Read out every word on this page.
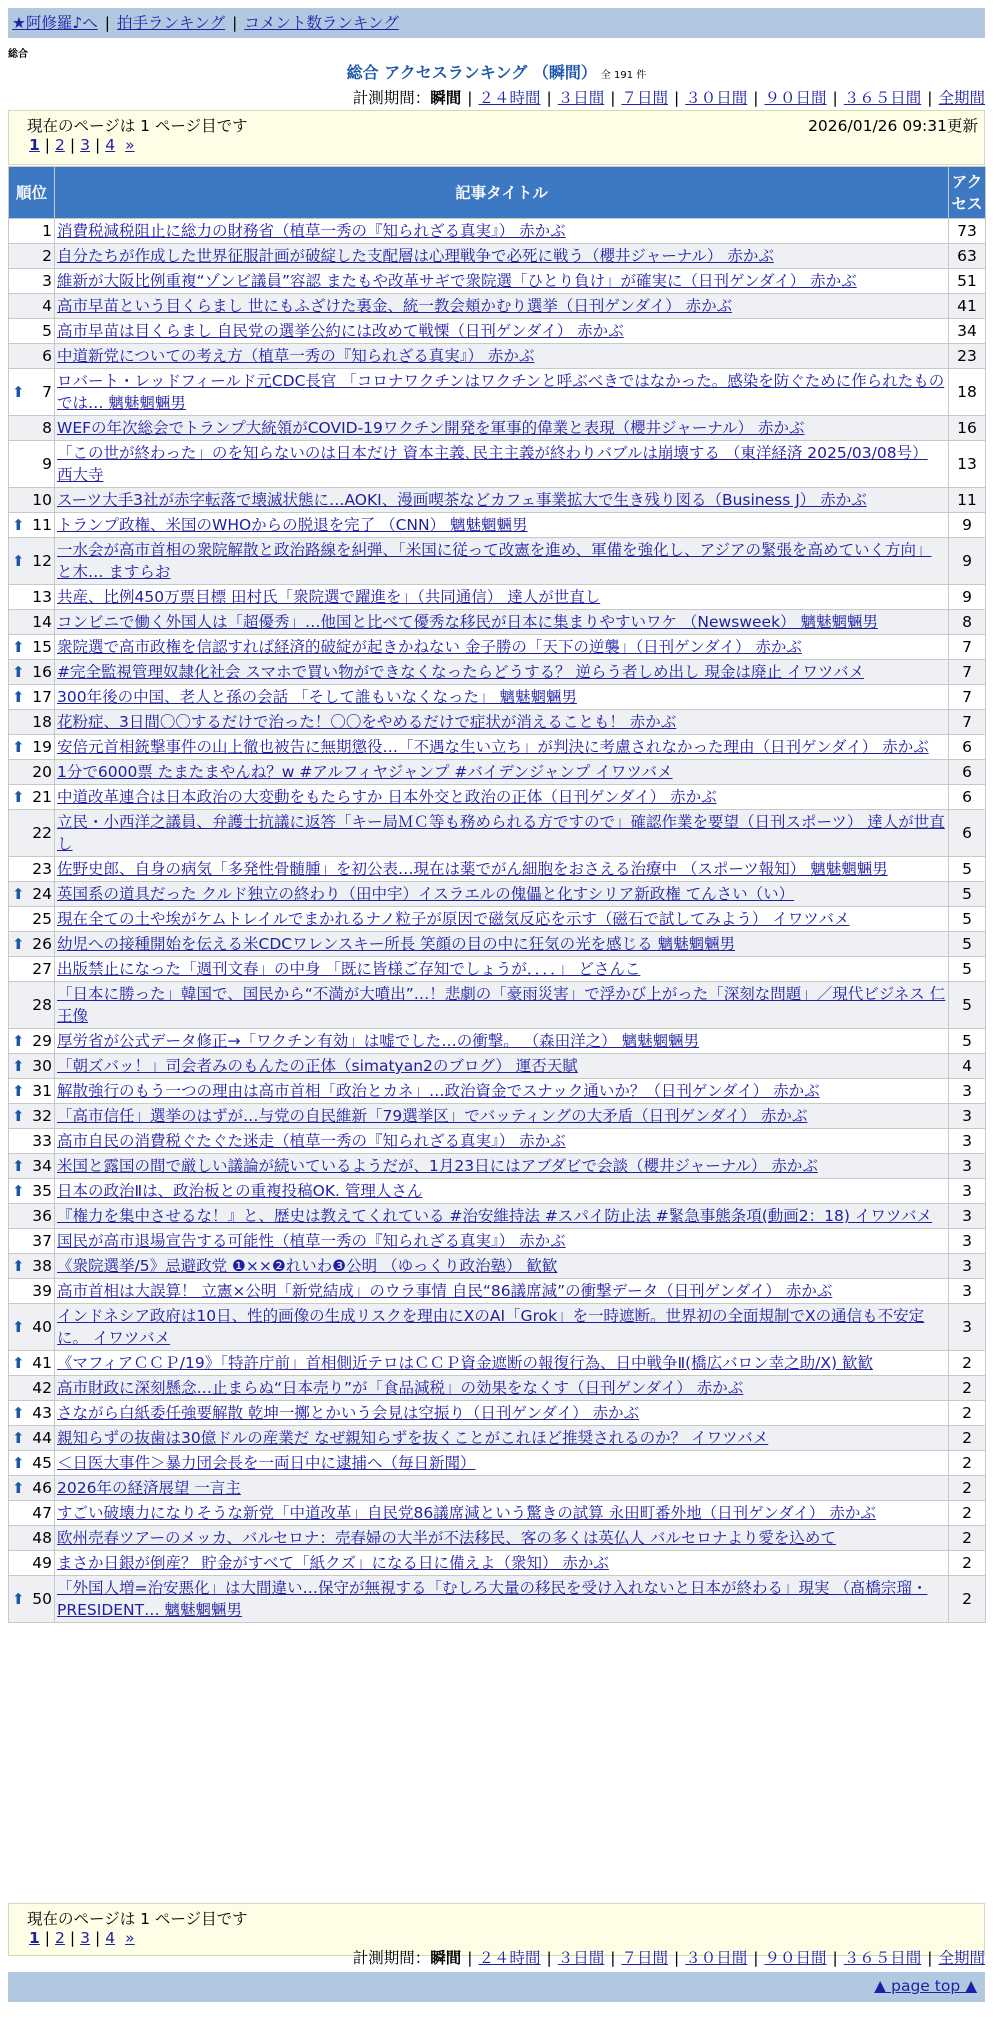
★阿修羅♪へ | 拍手ランキング | コメント数ランキング
総合
総合 アクセスランキング （瞬間） 全 191 件
計測期間：瞬間 | ２４時間 | ３日間 | ７日間 | ３０日間 | ９０日間 | ３６５日間 | 全期間
現在のページは 1 ページ目です	2026/01/26 09:31更新
1 | 2 | 3 | 4 »
順位	記事タイトル	アクセス
1	消費税減税阻止に総力の財務省（植草一秀の『知られざる真実』） 赤かぶ	73
2	自分たちが作成した世界征服計画が破綻した支配層は心理戦争で必死に戦う（櫻井ジャーナル） 赤かぶ	63
3	維新が大阪比例重複“ゾンビ議員”容認 またもや改革サギで衆院選「ひとり負け」が確実に（日刊ゲンダイ） 赤かぶ	51
4	高市早苗という目くらまし 世にもふざけた裏金、統一教会頬かむり選挙（日刊ゲンダイ） 赤かぶ	41
5	高市早苗は目くらまし 自民党の選挙公約には改めて戦慄（日刊ゲンダイ） 赤かぶ	34
6	中道新党についての考え方（植草一秀の『知られざる真実』） 赤かぶ	23

⬆ 7	ロバート・レッドフィールド元CDC長官 「コロナワクチンはワクチンと呼ぶべきではなかった。感染を防ぐために作られたものでは… 魑魅魍魎男	18
8	WEFの年次総会でトランプ大統領がCOVID-19ワクチン開発を軍事的偉業と表現（櫻井ジャーナル） 赤かぶ	16
9	「この世が終わった」のを知らないのは日本だけ 資本主義､民主主義が終わりバブルは崩壊する （東洋経済 2025/03/08号） 西大寺	13
10	スーツ大手3社が赤字転落で壊滅状態に…AOKI、漫画喫茶などカフェ事業拡大で生き残り図る（Business J） 赤かぶ	11

⬆ 11	トランプ政権、米国のWHOからの脱退を完了 （CNN） 魑魅魍魎男	9

⬆ 12	一水会が高市首相の衆院解散と政治路線を糾弾、「米国に従って改憲を進め、軍備を強化し、アジアの緊張を高めていく方向」と木… ますらお	9
13	共産、比例450万票目標 田村氏「衆院選で躍進を」（共同通信） 達人が世直し	9
14	コンビニで働く外国人は「超優秀」…他国と比べて優秀な移民が日本に集まりやすいワケ （Newsweek） 魑魅魍魎男	8

⬆ 15	衆院選で高市政権を信認すれば経済的破綻が起きかねない 金子勝の「天下の逆襲」（日刊ゲンダイ） 赤かぶ	7

⬆ 16	#完全監視管理奴隷化社会 スマホで買い物ができなくなったらどうする？ 逆らう者しめ出し 現金は廃止 イワツバメ	7

⬆ 17	300年後の中国、老人と孫の会話 「そして誰もいなくなった」 魑魅魍魎男	7
18	花粉症、3日間〇〇するだけで治った！〇〇をやめるだけで症状が消えることも！ 赤かぶ	7

⬆ 19	安倍元首相銃撃事件の山上徹也被告に無期懲役…「不遇な生い立ち」が判決に考慮されなかった理由（日刊ゲンダイ） 赤かぶ	6
20	1分で6000票 たまたまやんね？w #アルフィヤジャンプ #バイデンジャンプ イワツバメ	6

⬆ 21	中道改革連合は日本政治の大変動をもたらすか 日本外交と政治の正体（日刊ゲンダイ） 赤かぶ	6
22	立民・小西洋之議員、弁護士抗議に返答「キー局ＭＣ等も務められる方ですので」確認作業を要望（日刊スポーツ） 達人が世直し	6
23	佐野史郎、自身の病気「多発性骨髄腫」を初公表…現在は薬でがん細胞をおさえる治療中 （スポーツ報知） 魑魅魍魎男	5

⬆ 24	英国系の道具だった クルド独立の終わり（田中宇）イスラエルの傀儡と化すシリア新政権 てんさい（い）	5
25	現在全ての土や埃がケムトレイルでまかれるナノ粒子が原因で磁気反応を示す（磁石で試してみよう） イワツバメ	5

⬆ 26	幼児への接種開始を伝える米CDCワレンスキー所長 笑顔の目の中に狂気の光を感じる 魑魅魍魎男	5
27	出版禁止になった「週刊文春」の中身 「既に皆様ご存知でしょうが．．．．」 どさんこ	5
28	「日本に勝った」韓国で、国民から“不満が大噴出”…！悲劇の「豪雨災害」で浮かび上がった「深刻な問題」／現代ビジネス 仁王像	5

⬆ 29	厚労省が公式データ修正→「ワクチン有効」は嘘でした…の衝撃。 （森田洋之） 魑魅魍魎男	5

⬆ 30	「朝ズバッ！」司会者みのもんたの正体（simatyan2のブログ） 運否天賦	4

⬆ 31	解散強行のもう一つの理由は高市首相「政治とカネ」…政治資金でスナック通いか？（日刊ゲンダイ） 赤かぶ	3

⬆ 32	「高市信任」選挙のはずが…与党の自民維新「79選挙区」でバッティングの大矛盾（日刊ゲンダイ） 赤かぶ	3
33	高市自民の消費税ぐたぐた迷走（植草一秀の『知られざる真実』） 赤かぶ	3

⬆ 34	米国と露国の間で厳しい議論が続いているようだが、1月23日にはアブダビで会談（櫻井ジャーナル） 赤かぶ	3

⬆ 35	日本の政治Ⅱは、政治板との重複投稿OK. 管理人さん	3
36	『権力を集中させるな！』と、歴史は教えてくれている #治安維持法 #スパイ防止法 #緊急事態条項(動画2：18) イワツバメ	3
37	国民が高市退場宣告する可能性（植草一秀の『知られざる真実』） 赤かぶ	3

⬆ 38	《衆院選挙/5》忌避政党 ❶××❷れいわ❸公明 （ゆっくり政治塾） 歓歓	3
39	高市首相は大誤算！ 立憲×公明「新党結成」のウラ事情 自民“86議席減”の衝撃データ（日刊ゲンダイ） 赤かぶ	3

⬆ 40	インドネシア政府は10日、性的画像の生成リスクを理由にXのAI「Grok」を一時遮断。世界初の全面規制でXの通信も不安定に。 イワツバメ	3

⬆ 41	《マフィアＣＣＰ/19》「特許庁前」首相側近テロはＣＣＰ資金遮断の報復行為、日中戦争Ⅱ(橋広バロン幸之助/X) 歓歓	2
42	高市財政に深刻懸念…止まらぬ“日本売り”が「食品減税」の効果をなくす（日刊ゲンダイ） 赤かぶ	2

⬆ 43	さながら白紙委任強要解散 乾坤一擲とかいう会見は空振り（日刊ゲンダイ） 赤かぶ	2

⬆ 44	親知らずの抜歯は30億ドルの産業だ なぜ親知らずを抜くことがこれほど推奨されるのか？ イワツバメ	2

⬆ 45	＜日医大事件＞暴力団会長を一両日中に逮捕へ（毎日新聞）	2

⬆ 46	2026年の経済展望 一言主	2
47	すごい破壊力になりそうな新党「中道改革」自民党86議席減という驚きの試算 永田町番外地（日刊ゲンダイ） 赤かぶ	2
48	欧州売春ツアーのメッカ、バルセロナ：売春婦の大半が不法移民、客の多くは英仏人 バルセロナより愛を込めて	2
49	まさか日銀が倒産？ 貯金がすべて「紙クズ」になる日に備えよ（衆知） 赤かぶ	2

⬆ 50	「外国人増=治安悪化」は大間違い…保守が無視する「むしろ大量の移民を受け入れないと日本が終わる」現実 （髙橋宗瑠・PRESIDENT… 魑魅魍魎男	2
現在のページは 1 ページ目です
1 | 2 | 3 | 4 »
計測期間：瞬間 | ２４時間 | ３日間 | ７日間 | ３０日間 | ９０日間 | ３６５日間 | 全期間
▲ page top ▲
